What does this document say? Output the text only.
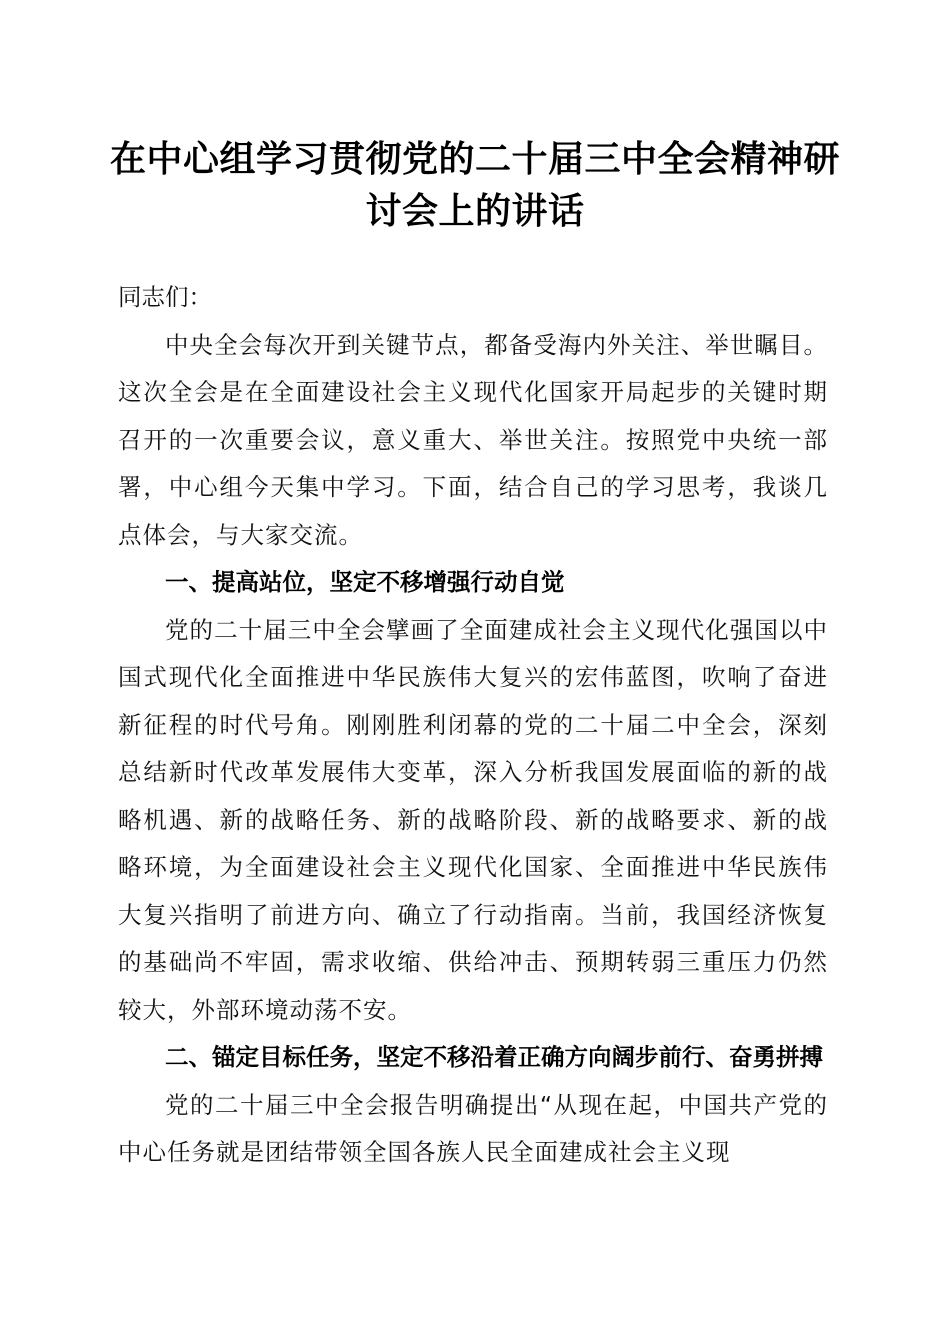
在中心组学习贯彻党的二十届三中全会精神研
讨会上的讲话

同志们：

中央全会每次开到关键节点，都备受海内外关注、举世瞩目。这次全会是在全面建设社会主义现代化国家开局起步的关键时期召开的一次重要会议，意义重大、举世关注。按照党中央统一部署，中心组今天集中学习。下面，结合自己的学习思考，我谈几点体会，与大家交流。

一、提高站位，坚定不移增强行动自觉

党的二十届三中全会擘画了全面建成社会主义现代化强国以中国式现代化全面推进中华民族伟大复兴的宏伟蓝图，吹响了奋进新征程的时代号角。刚刚胜利闭幕的党的二十届二中全会，深刻总结新时代改革发展伟大变革，深入分析我国发展面临的新的战略机遇、新的战略任务、新的战略阶段、新的战略要求、新的战略环境，为全面建设社会主义现代化国家、全面推进中华民族伟大复兴指明了前进方向、确立了行动指南。当前，我国经济恢复的基础尚不牢固，需求收缩、供给冲击、预期转弱三重压力仍然较大，外部环境动荡不安。

二、锚定目标任务，坚定不移沿着正确方向阔步前行、奋勇拼搏

党的二十届三中全会报告明确提出“从现在起，中国共产党的中心任务就是团结带领全国各族人民全面建成社会主义现
